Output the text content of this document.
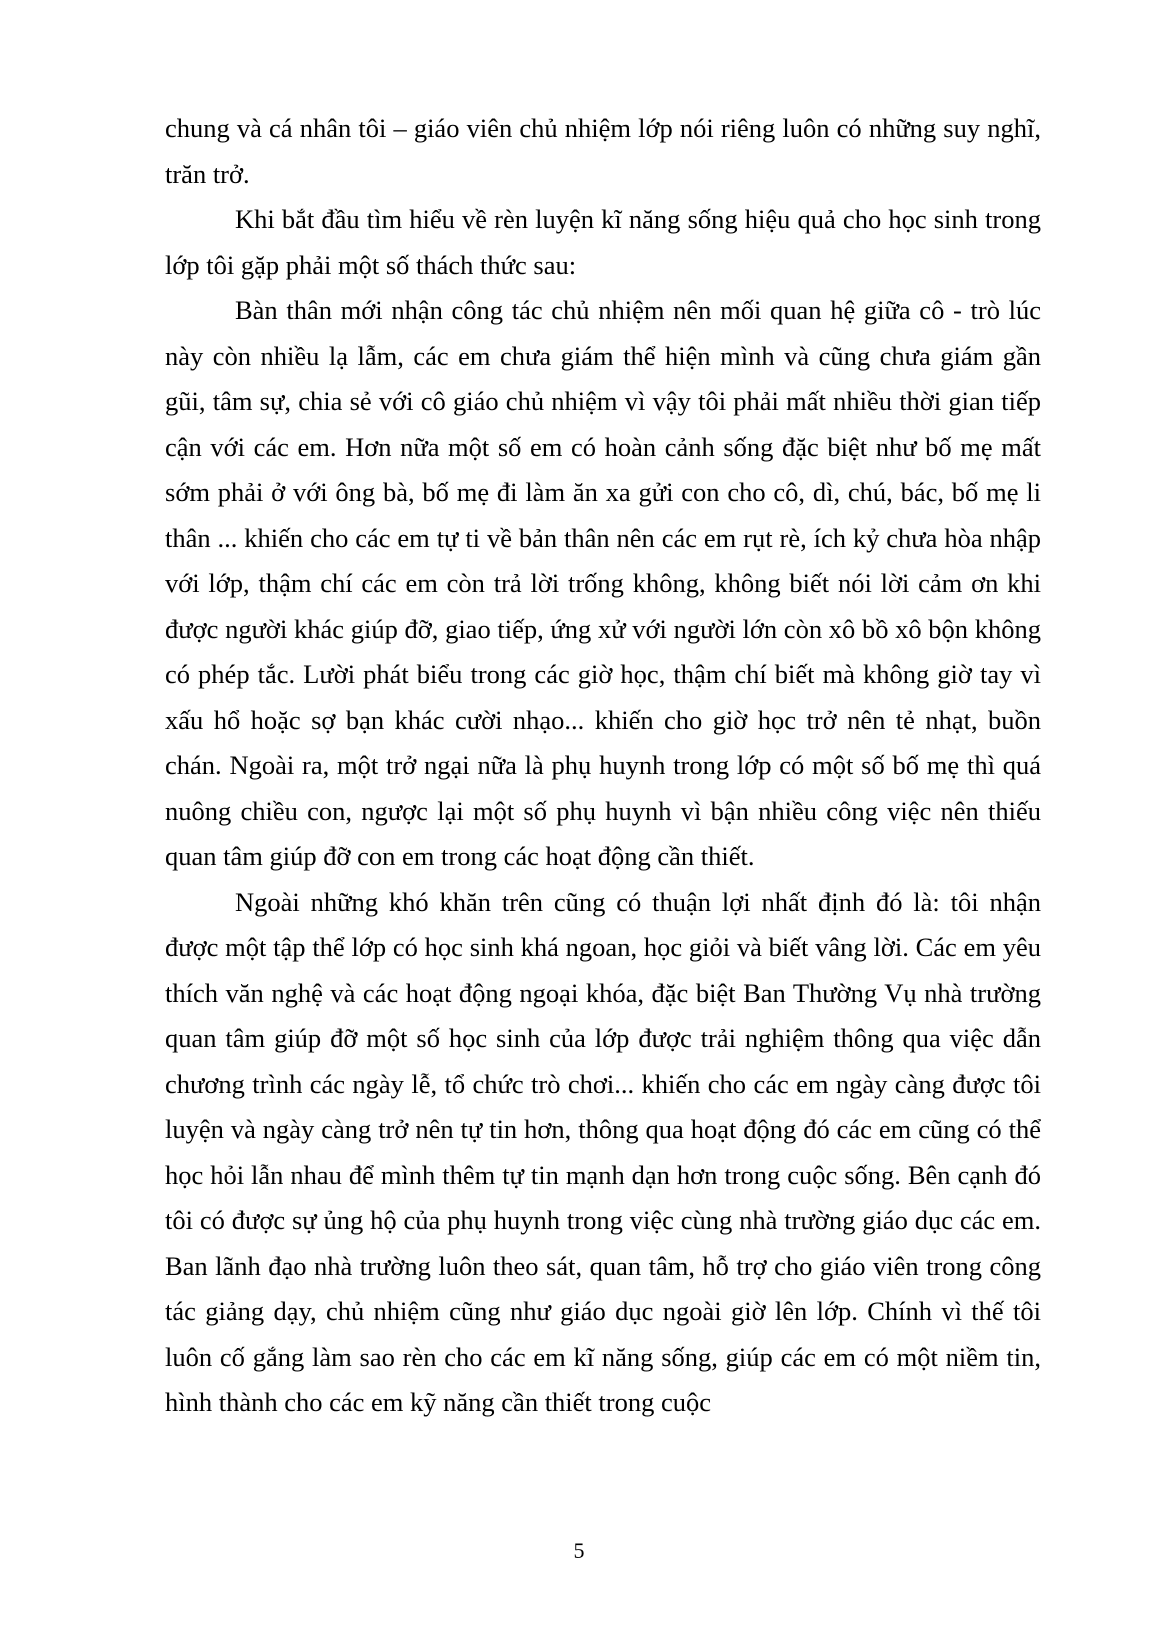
chung và cá nhân tôi – giáo viên chủ nhiệm lớp nói riêng luôn có những suy nghĩ, trăn trở.

Khi bắt đầu tìm hiểu về rèn luyện kĩ năng sống hiệu quả cho học sinh trong lớp tôi gặp phải một số thách thức sau:

Bàn thân mới nhận công tác chủ nhiệm nên mối quan hệ giữa cô - trò lúc này còn nhiều lạ lẫm, các em chưa giám thể hiện mình và cũng chưa giám gần gũi, tâm sự, chia sẻ với cô giáo chủ nhiệm vì vậy tôi phải mất nhiều thời gian tiếp cận với các em. Hơn nữa một số em có hoàn cảnh sống đặc biệt như bố mẹ mất sớm phải ở với ông bà, bố mẹ đi làm ăn xa gửi con cho cô, dì, chú, bác, bố mẹ li thân ... khiến cho các em tự ti về bản thân nên các em rụt rè, ích kỷ chưa hòa nhập với lớp, thậm chí các em còn trả lời trống không, không biết nói lời cảm ơn khi được người khác giúp đỡ, giao tiếp, ứng xử với người lớn còn xô bồ xô bộn không có phép tắc. Lười phát biểu trong các giờ học, thậm chí biết mà không giờ tay vì xấu hổ hoặc sợ bạn khác cười nhạo... khiến cho giờ học trở nên tẻ nhạt, buồn chán. Ngoài ra, một trở ngại nữa là phụ huynh trong lớp có một số bố mẹ thì quá nuông chiều con, ngược lại một số phụ huynh vì bận nhiều công việc nên thiếu quan tâm giúp đỡ con em trong các hoạt động cần thiết.

Ngoài những khó khăn trên cũng có thuận lợi nhất định đó là: tôi nhận được một tập thể lớp có học sinh khá ngoan, học giỏi và biết vâng lời. Các em yêu thích văn nghệ và các hoạt động ngoại khóa, đặc biệt Ban Thường Vụ nhà trường quan tâm giúp đỡ một số học sinh của lớp được trải nghiệm thông qua việc dẫn chương trình các ngày lễ, tổ chức trò chơi... khiến cho các em ngày càng được tôi luyện và ngày càng trở nên tự tin hơn, thông qua hoạt động đó các em cũng có thể học hỏi lẫn nhau để mình thêm tự tin mạnh dạn hơn trong cuộc sống. Bên cạnh đó tôi có được sự ủng hộ của phụ huynh trong việc cùng nhà trường giáo dục các em. Ban lãnh đạo nhà trường luôn theo sát, quan tâm, hỗ trợ cho giáo viên trong công tác giảng dạy, chủ nhiệm cũng như giáo dục ngoài giờ lên lớp. Chính vì thế tôi luôn cố gắng làm sao rèn cho các em kĩ năng sống, giúp các em có một niềm tin, hình thành cho các em kỹ năng cần thiết trong cuộc

5
